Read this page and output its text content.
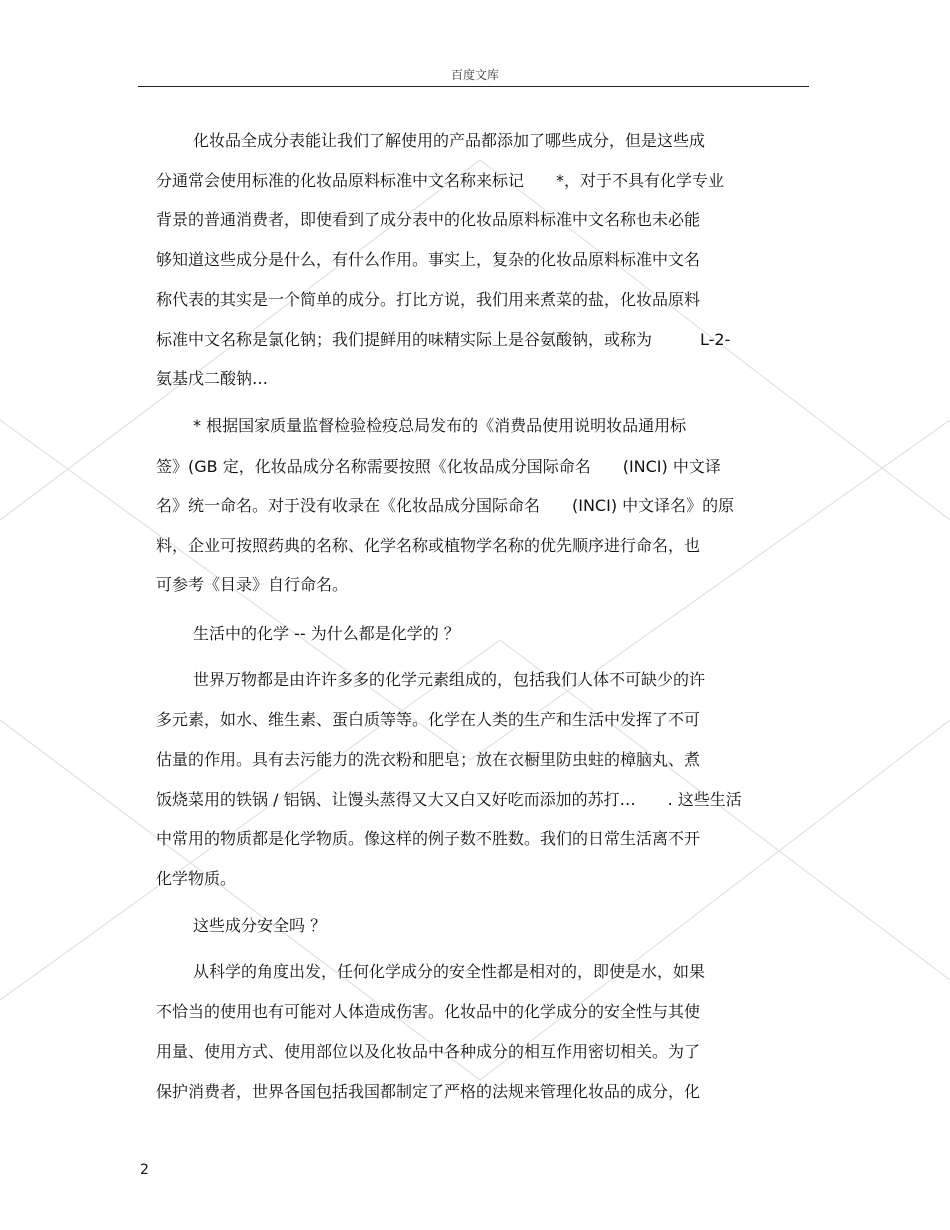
百度文库
化妆品全成分表能让我们了解使用的产品都添加了哪些成分，但是这些成
分通常会使用标准的化妆品原料标准中文名称来标记　　*，对于不具有化学专业
背景的普通消费者，即使看到了成分表中的化妆品原料标准中文名称也未必能
够知道这些成分是什么，有什么作用。事实上，复杂的化妆品原料标准中文名
称代表的其实是一个简单的成分。打比方说，我们用来煮菜的盐，化妆品原料
标准中文名称是氯化钠；我们提鲜用的味精实际上是谷氨酸钠，或称为　　　L-2-
氨基戊二酸钠…
* 根据国家质量监督检验检疫总局发布的《消费品使用说明妆品通用标
签》(GB 定，化妆品成分名称需要按照《化妆品成分国际命名　　(INCI) 中文译
名》统一命名。对于没有收录在《化妆品成分国际命名　　(INCI) 中文译名》的原
料，企业可按照药典的名称、化学名称或植物学名称的优先顺序进行命名，也
可参考《目录》自行命名。
生活中的化学 -- 为什么都是化学的 ？
世界万物都是由许许多多的化学元素组成的，包括我们人体不可缺少的许
多元素，如水、维生素、蛋白质等等。化学在人类的生产和生活中发挥了不可
估量的作用。具有去污能力的洗衣粉和肥皂；放在衣橱里防虫蛀的樟脑丸、煮
饭烧菜用的铁锅 / 铝锅、让馒头蒸得又大又白又好吃而添加的苏打…　　. 这些生活
中常用的物质都是化学物质。像这样的例子数不胜数。我们的日常生活离不开
化学物质。
这些成分安全吗 ？
从科学的角度出发，任何化学成分的安全性都是相对的，即使是水，如果
不恰当的使用也有可能对人体造成伤害。化妆品中的化学成分的安全性与其使
用量、使用方式、使用部位以及化妆品中各种成分的相互作用密切相关。为了
保护消费者，世界各国包括我国都制定了严格的法规来管理化妆品的成分，化
2
